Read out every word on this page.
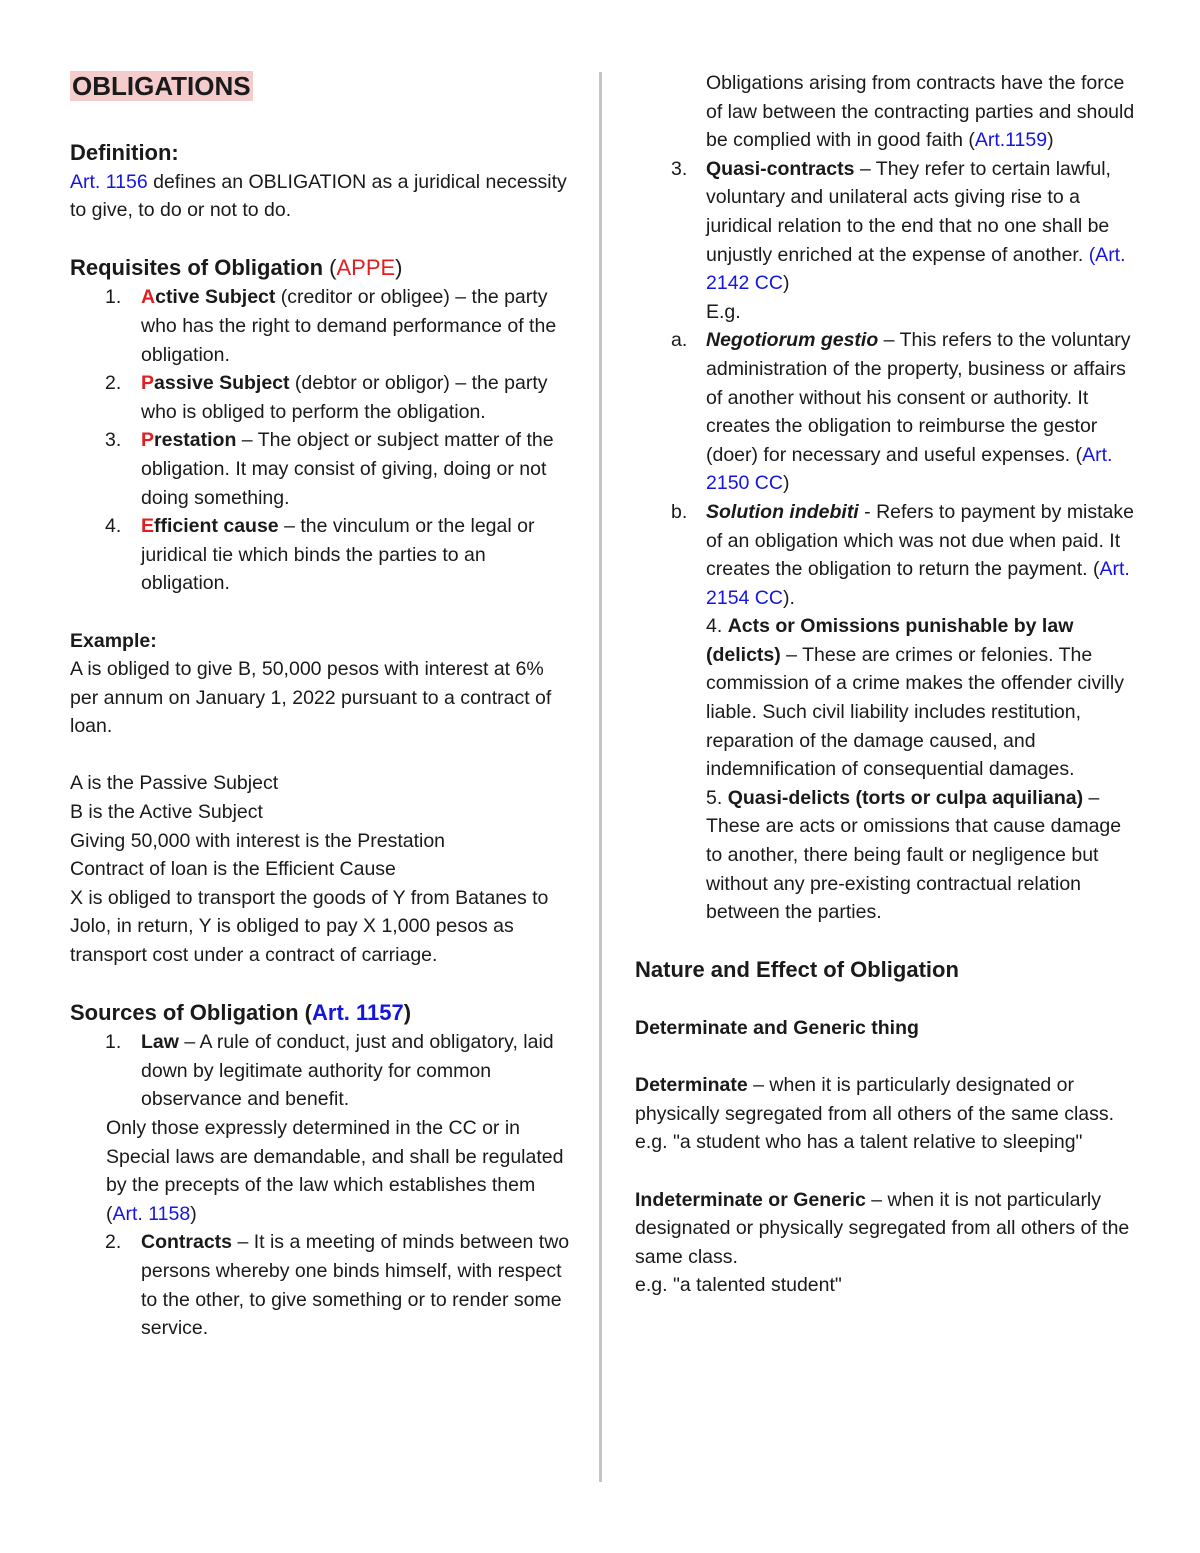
OBLIGATIONS

Definition:

Art. 1156 defines an OBLIGATION as a juridical necessity to give, to do or not to do.

Requisites of Obligation (APPE)

1. Active Subject (creditor or obligee) – the party who has the right to demand performance of the obligation.
2. Passive Subject (debtor or obligor) – the party who is obliged to perform the obligation.
3. Prestation – The object or subject matter of the obligation. It may consist of giving, doing or not doing something.
4. Efficient cause – the vinculum or the legal or juridical tie which binds the parties to an obligation.

Example:

A is obliged to give B, 50,000 pesos with interest at 6% per annum on January 1, 2022 pursuant to a contract of loan.

A is the Passive Subject

B is the Active Subject

Giving 50,000 with interest is the Prestation

Contract of loan is the Efficient Cause

X is obliged to transport the goods of Y from Batanes to Jolo, in return, Y is obliged to pay X 1,000 pesos as transport cost under a contract of carriage.

Sources of Obligation (Art. 1157)

1. Law – A rule of conduct, just and obligatory, laid down by legitimate authority for common observance and benefit.

Only those expressly determined in the CC or in Special laws are demandable, and shall be regulated by the precepts of the law which establishes them (Art. 1158)

2. Contracts – It is a meeting of minds between two persons whereby one binds himself, with respect to the other, to give something or to render some service.

Obligations arising from contracts have the force of law between the contracting parties and should be complied with in good faith (Art.1159)

3. Quasi-contracts – They refer to certain lawful, voluntary and unilateral acts giving rise to a juridical relation to the end that no one shall be unjustly enriched at the expense of another. (Art. 2142 CC)

E.g.

a. Negotiorum gestio – This refers to the voluntary administration of the property, business or affairs of another without his consent or authority. It creates the obligation to reimburse the gestor (doer) for necessary and useful expenses. (Art. 2150 CC)
b. Solution indebiti - Refers to payment by mistake of an obligation which was not due when paid. It creates the obligation to return the payment. (Art. 2154 CC).

4. Acts or Omissions punishable by law (delicts) – These are crimes or felonies. The commission of a crime makes the offender civilly liable. Such civil liability includes restitution, reparation of the damage caused, and indemnification of consequential damages.

5. Quasi-delicts (torts or culpa aquiliana) – These are acts or omissions that cause damage to another, there being fault or negligence but without any pre-existing contractual relation between the parties.

Nature and Effect of Obligation

Determinate and Generic thing

Determinate – when it is particularly designated or physically segregated from all others of the same class.

e.g. "a student who has a talent relative to sleeping"

Indeterminate or Generic – when it is not particularly designated or physically segregated from all others of the same class.

e.g. "a talented student"
